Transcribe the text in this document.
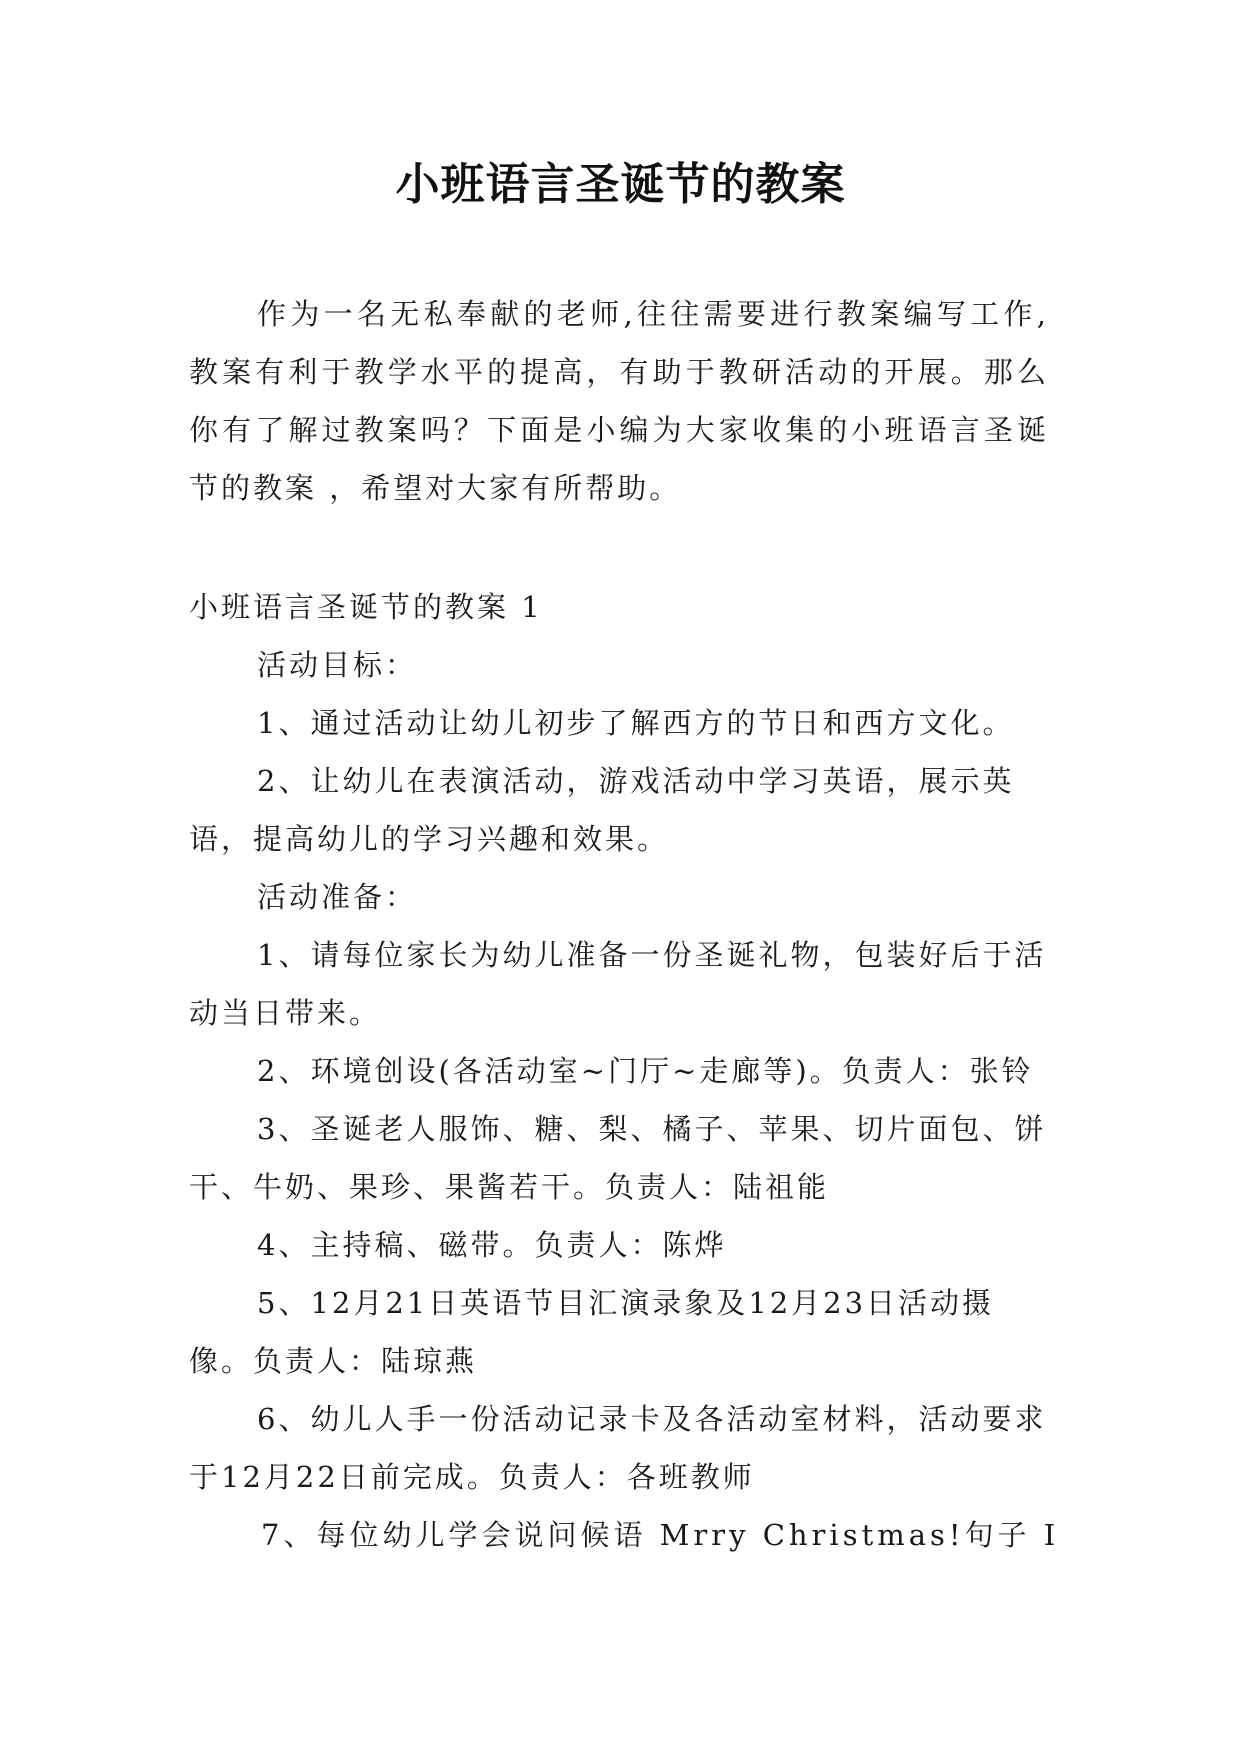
小班语言圣诞节的教案
作为一名无私奉献的老师,往往需要进行教案编写工作,教案有利于教学水平的提高，有助于教研活动的开展。那么你有了解过教案吗？下面是小编为大家收集的小班语言圣诞节的教案 ，希望对大家有所帮助。

小班语言圣诞节的教案 1

活动目标：

1、通过活动让幼儿初步了解西方的节日和西方文化。

2、让幼儿在表演活动，游戏活动中学习英语，展示英语，提高幼儿的学习兴趣和效果。

活动准备：

1、请每位家长为幼儿准备一份圣诞礼物，包装好后于活动当日带来。

2、环境创设(各活动室~门厅~走廊等)。负责人：张铃

3、圣诞老人服饰、糖、梨、橘子、苹果、切片面包、饼干、牛奶、果珍、果酱若干。负责人：陆祖能

4、主持稿、磁带。负责人：陈烨

5、12月21日英语节目汇演录象及12月23日活动摄像。负责人：陆琼燕

6、幼儿人手一份活动记录卡及各活动室材料，活动要求于12月22日前完成。负责人：各班教师

7、每位幼儿学会说问候语 Mrry Christmas!句子 I
